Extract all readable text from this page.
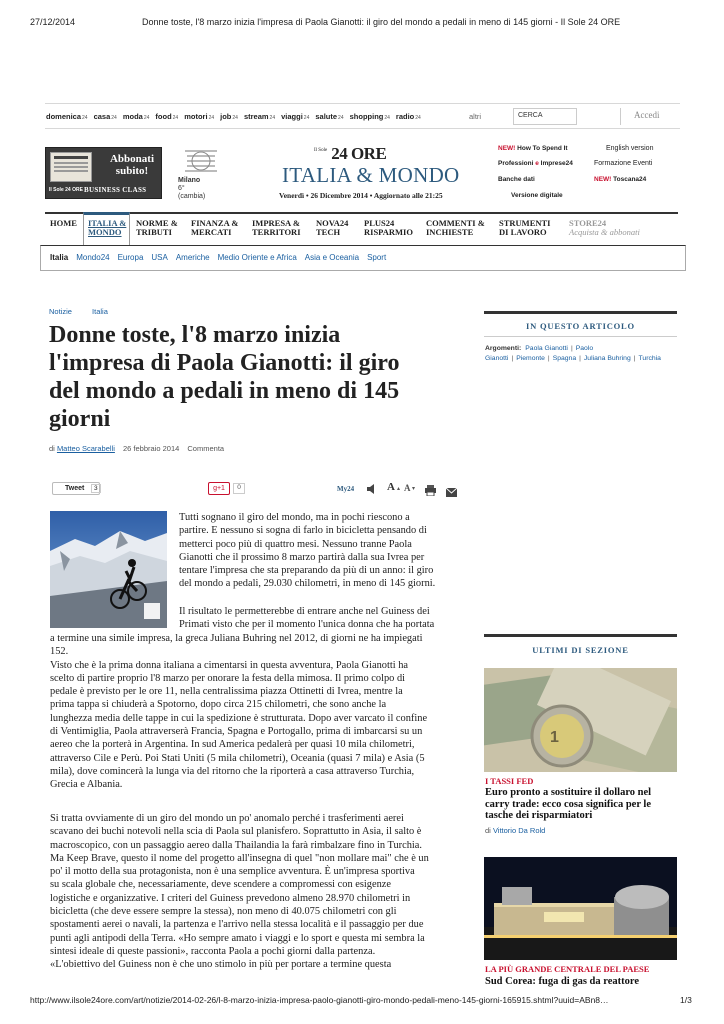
27/12/2014	Donne toste, l'8 marzo inizia l'impresa di Paola Gianotti: il giro del mondo a pedali in meno di 145 giorni - Il Sole 24 ORE
domenica24 casa24 moda24 food24 motori24 job24 stream24 viaggi24 salute24 shopping24 radio24	altri	CERCA	Accedi
Abbonati
subito!
Il Sole 24 ORE BUSINESS CLASS
Milano
6°
(cambia)
$^{Il Sole}$ 24 ORE
ITALIA & MONDO
Venerdì • 26 Dicembre 2014 • Aggiornato alle 21:25
NEW! How To Spend It
Professioni e Imprese24
Banche dati
Versione digitale
English version
Formazione Eventi
NEW! Toscana24
HOME ITALIA &
MONDO
NORME &
TRIBUTI
FINANZA &
MERCATI
IMPRESA &
TERRITORI
NOVA24
TECH
PLUS24
RISPARMIO
COMMENTI &
INCHIESTE
STRUMENTI
DI LAVORO
STORE24
Acquista & abbonati
Italia Mondo24 Europa USA Americhe Medio Oriente e Africa Asia e Oceania Sport
Notizie	Italia
Donne toste, l'8 marzo inizia
l'impresa di Paola Gianotti: il giro
del mondo a pedali in meno di 145
giorni
di Matteo Scarabelli 26 febbraio 2014 Commenta
Tweet	3	g+1	0	My24	A ▴ A ▾
Tutti sognano il giro del mondo, ma in pochi riescono a
partire. E nessuno si sogna di farlo in bicicletta pensando di
metterci poco più di quattro mesi. Nessuno tranne Paola
Gianotti che il prossimo 8 marzo partirà dalla sua Ivrea per
tentare l'impresa che sta preparando da più di un anno: il giro
del mondo a pedali, 29.030 chilometri, in meno di 145 giorni.
Il risultato le permetterebbe di entrare anche nel Guiness dei
Primati visto che per il momento l'unica donna che ha portata
a termine una simile impresa, la greca Juliana Buhring nel 2012, di giorni ne ha impiegati
152.
Visto che è la prima donna italiana a cimentarsi in questa avventura, Paola Gianotti ha
scelto di partire proprio l'8 marzo per onorare la festa della mimosa. Il primo colpo di
pedale è previsto per le ore 11, nella centralissima piazza Ottinetti di Ivrea, mentre la
prima tappa si chiuderà a Spotorno, dopo circa 215 chilometri, che sono anche la
lunghezza media delle tappe in cui la spedizione è strutturata. Dopo aver varcato il confine
di Ventimiglia, Paola attraverserà Francia, Spagna e Portogallo, prima di imbarcarsi su un
aereo che la porterà in Argentina. In sud America pedalerà per quasi 10 mila chilometri,
attraverso Cile e Perù. Poi Stati Uniti (5 mila chilometri), Oceania (quasi 7 mila) e Asia (5
mila), dove comincerà la lunga via del ritorno che la riporterà a casa attraverso Turchia,
Grecia e Albania.
Si tratta ovviamente di un giro del mondo un po' anomalo perché i trasferimenti aerei
scavano dei buchi notevoli nella scia di Paola sul planisfero. Soprattutto in Asia, il salto è
macroscopico, con un passaggio aereo dalla Thailandia la farà rimbalzare fino in Turchia.
Ma Keep Brave, questo il nome del progetto all'insegna di quel "non mollare mai" che è un
po' il motto della sua protagonista, non è una semplice avventura. È un'impresa sportiva
su scala globale che, necessariamente, deve scendere a compromessi con esigenze
logistiche e organizzative. I criteri del Guiness prevedono almeno 28.970 chilometri in
bicicletta (che deve essere sempre la stessa), non meno di 40.075 chilometri con gli
spostamenti aerei o navali, la partenza e l'arrivo nella stessa località e il passaggio per due
punti agli antipodi della Terra. «Ho sempre amato i viaggi e lo sport e questa mi sembra la
sintesi ideale di queste passioni», racconta Paola a pochi giorni dalla partenza.
«L'obiettivo del Guiness non è che uno stimolo in più per portare a termine questa
IN QUESTO ARTICOLO
Argomenti: Paola Gianotti | Paolo Gianotti | Piemonte | Spagna | Juliana Buhring | Turchia
ULTIMI DI SEZIONE
1
I TASSI FED
Euro pronto a sostituire il dollaro nel
carry trade: ecco cosa significa per le
tasche dei risparmiatori
di Vittorio Da Rold
LA PIÙ GRANDE CENTRALE DEL PAESE
Sud Corea: fuga di gas da reattore
http://www.ilsole24ore.com/art/notizie/2014-02-26/l-8-marzo-inizia-impresa-paolo-gianotti-giro-mondo-pedali-meno-145-giorni-165915.shtml?uuid=ABn8…	1/3
